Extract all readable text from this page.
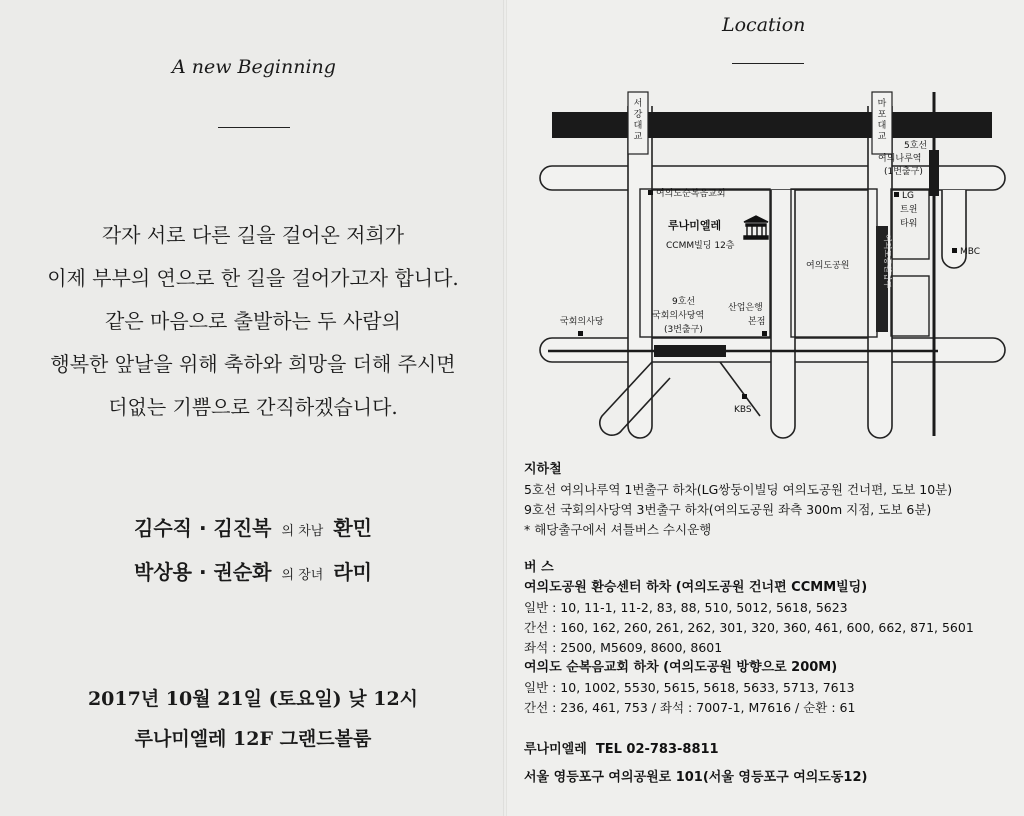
A new Beginning
각자 서로 다른 길을 걸어온 저희가
이제 부부의 연으로 한 길을 걸어가고자 합니다.
같은 마음으로 출발하는 두 사람의
행복한 앞날을 위해 축하와 희망을 더해 주시면
더없는 기쁨으로 간직하겠습니다.
김수직 · 김진복 의 차남 환민
박상용 · 권순화 의 장녀 라미
2017년 10월 21일 (토요일) 낮 12시
루나미엘레 12F 그랜드볼룸
Location
서 강 대 교
마 포 대 교
5호선
여의나루역
(1번출구)
여의도순복음교회
루나미엘레
CCMM빌딩 12층
여의도공원
LG
트윈
타워
MBC
여의도공원입구
9호선
국회의사당역
(3번출구)
산업은행
본점
국회의사당
KBS
지하철
5호선 여의나루역 1번출구 하차(LG쌍둥이빌딩 여의도공원 건너편, 도보 10분)
9호선 국회의사당역 3번출구 하차(여의도공원 좌측 300m 지점, 도보 6분)
* 해당출구에서 셔틀버스 수시운행
버 스
여의도공원 환승센터 하차 (여의도공원 건너편 CCMM빌딩)
일반 : 10, 11-1, 11-2, 83, 88, 510, 5012, 5618, 5623
간선 : 160, 162, 260, 261, 262, 301, 320, 360, 461, 600, 662, 871, 5601
좌석 : 2500, M5609, 8600, 8601
여의도 순복음교회 하차 (여의도공원 방향으로 200M)
일반 : 10, 1002, 5530, 5615, 5618, 5633, 5713, 7613
간선 : 236, 461, 753 / 좌석 : 7007-1, M7616 / 순환 : 61
루나미엘레  TEL 02-783-8811
서울 영등포구 여의공원로 101(서울 영등포구 여의도동12)
